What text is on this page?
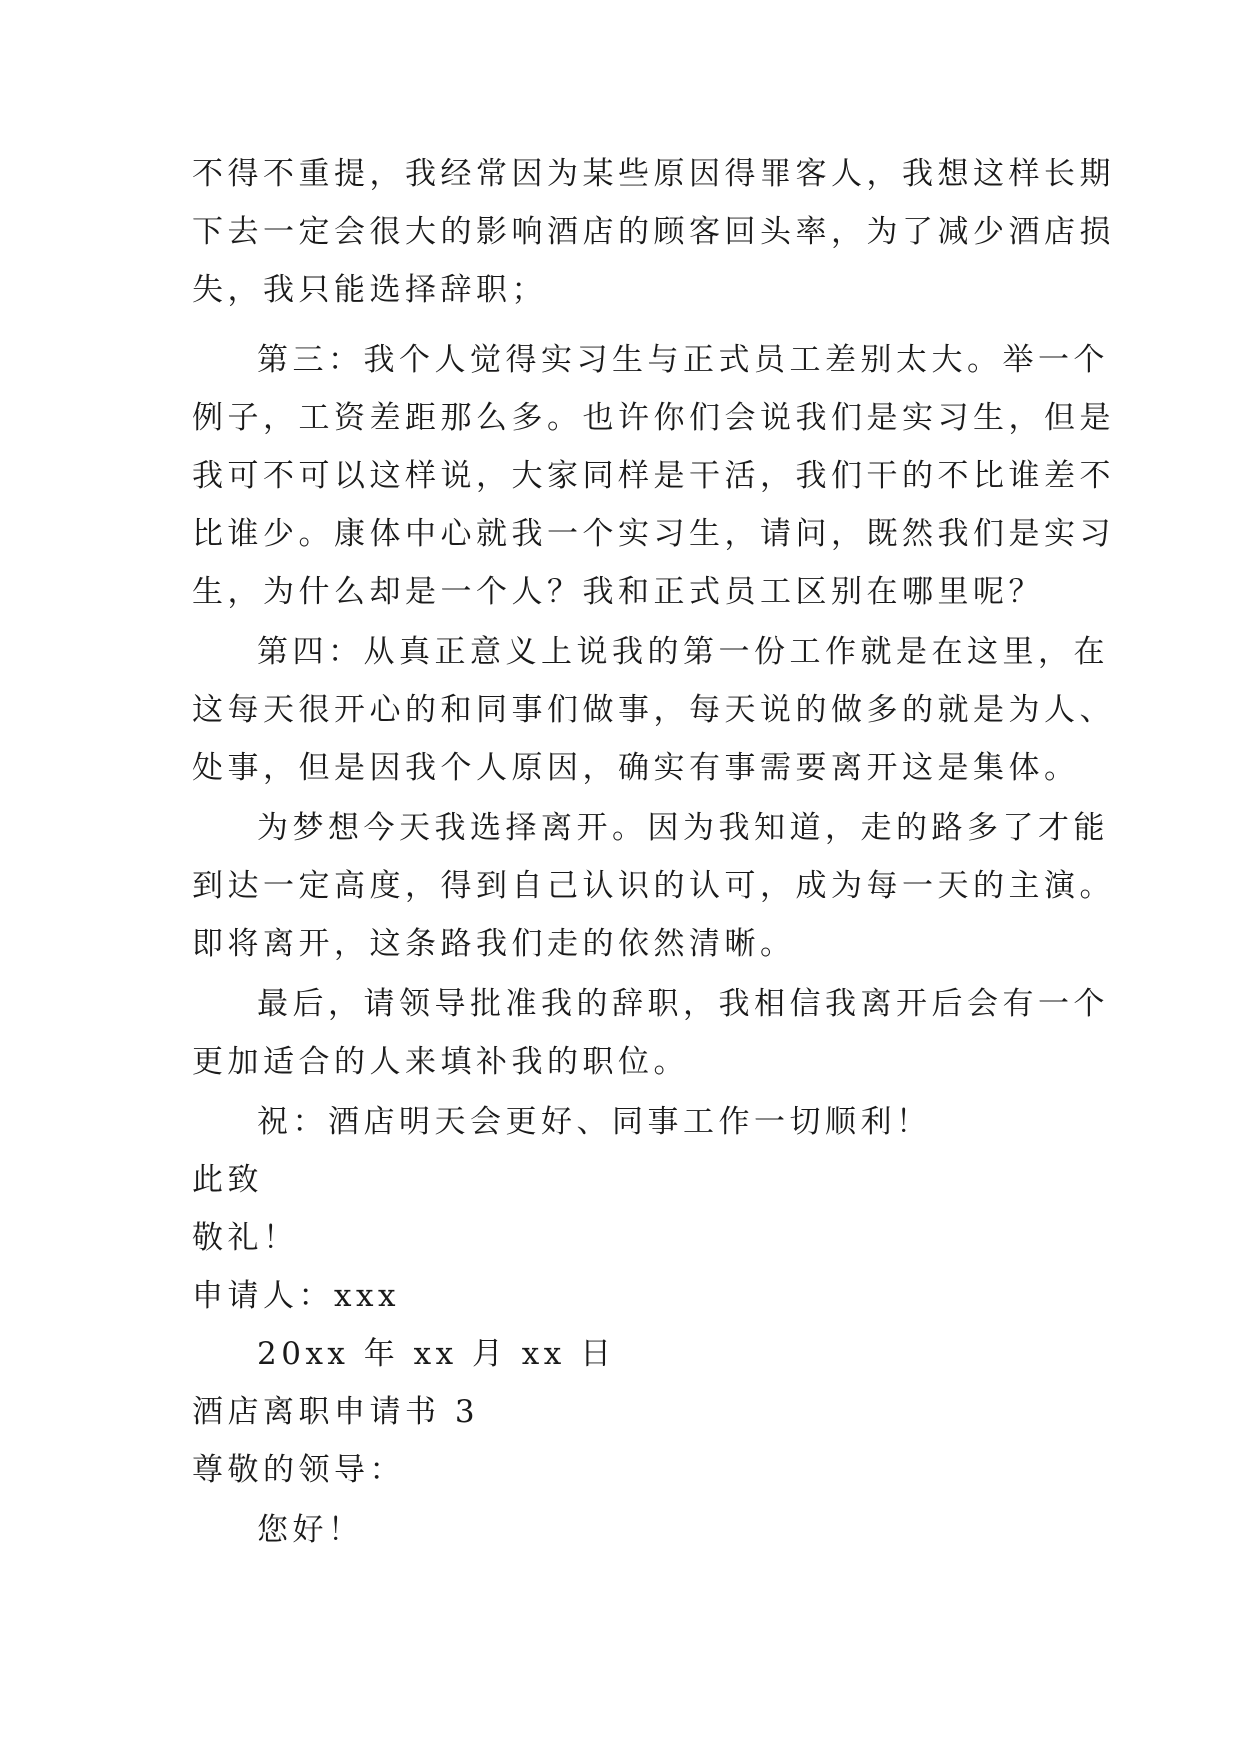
不得不重提，我经常因为某些原因得罪客人，我想这样长期
下去一定会很大的影响酒店的顾客回头率，为了减少酒店损
失，我只能选择辞职；
第三：我个人觉得实习生与正式员工差别太大。举一个
例子，工资差距那么多。也许你们会说我们是实习生，但是
我可不可以这样说，大家同样是干活，我们干的不比谁差不
比谁少。康体中心就我一个实习生，请问，既然我们是实习
生，为什么却是一个人？我和正式员工区别在哪里呢？
第四：从真正意义上说我的第一份工作就是在这里，在
这每天很开心的和同事们做事，每天说的做多的就是为人、
处事，但是因我个人原因，确实有事需要离开这是集体。
为梦想今天我选择离开。因为我知道，走的路多了才能
到达一定高度，得到自己认识的认可，成为每一天的主演。
即将离开，这条路我们走的依然清晰。
最后，请领导批准我的辞职，我相信我离开后会有一个
更加适合的人来填补我的职位。
祝：酒店明天会更好、同事工作一切顺利！
此致
敬礼！
申请人：xxx
20xx 年 xx 月 xx 日
酒店离职申请书 3
尊敬的领导：
您好！
